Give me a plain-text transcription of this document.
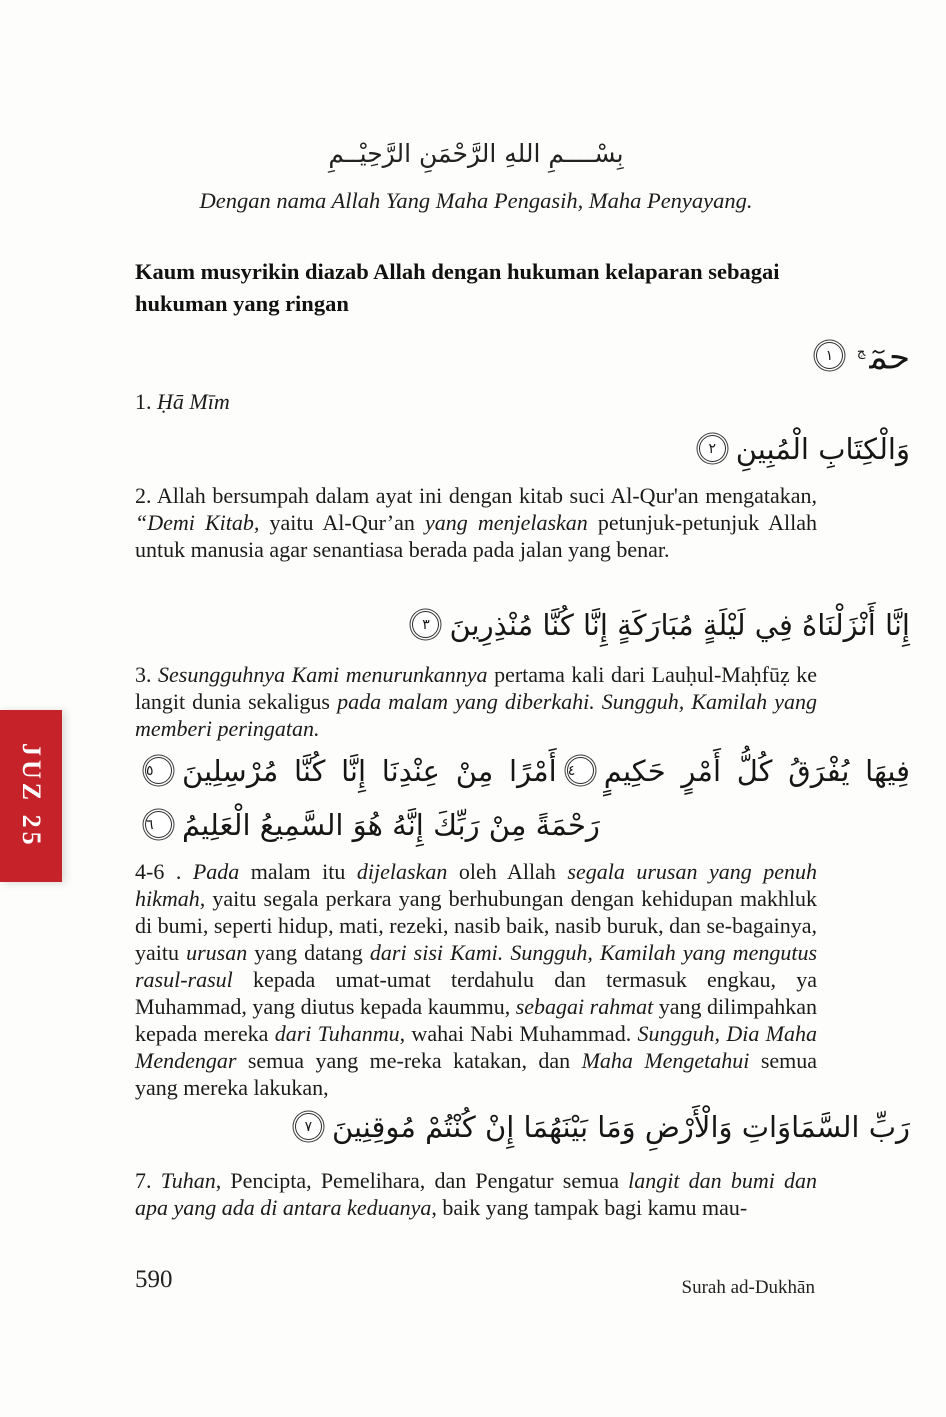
JUZ 25
بِسْــــمِ اللهِ الرَّحْمَنِ الرَّحِيْــمِ
Dengan nama Allah Yang Maha Pengasih, Maha Penyayang.
Kaum musyrikin diazab Allah dengan hukuman kelaparan sebagai hukuman yang ringan
حمٓ$^ج$١

1. Ḥā Mīm

وَالْكِتَابِ الْمُبِينِ٢

2. Allah bersumpah dalam ayat ini dengan kitab suci Al-Qur'an mengatakan, “Demi Kitab, yaitu Al-Qur’an yang menjelaskan petunjuk-petunjuk Allah untuk manusia agar senantiasa berada pada jalan yang benar.

إِنَّا أَنْزَلْنَاهُ فِي لَيْلَةٍ مُبَارَكَةٍ إِنَّا كُنَّا مُنْذِرِينَ٣

3. Sesungguhnya Kami menurunkannya pertama kali dari Lauḥul-Maḥfūẓ ke langit dunia sekaligus pada malam yang diberkahi. Sungguh, Kamilah yang memberi peringatan.

فِيهَا يُفْرَقُ كُلُّ أَمْرٍ حَكِيمٍ٤أَمْرًا مِنْ عِنْدِنَا إِنَّا كُنَّا مُرْسِلِينَ٥رَحْمَةً مِنْ رَبِّكَ إِنَّهُ هُوَ السَّمِيعُ الْعَلِيمُ٦

4-6 . Pada malam itu dijelaskan oleh Allah segala urusan yang penuh hikmah, yaitu segala perkara yang berhubungan dengan kehidupan makhluk di bumi, seperti hidup, mati, rezeki, nasib baik, nasib buruk, dan se-bagainya, yaitu urusan yang datang dari sisi Kami. Sungguh, Kamilah yang mengutus rasul-rasul kepada umat-umat terdahulu dan termasuk engkau, ya Muhammad, yang diutus kepada kaummu, sebagai rahmat yang dilimpahkan kepada mereka dari Tuhanmu, wahai Nabi Muhammad. Sungguh, Dia Maha Mendengar semua yang me-reka katakan, dan Maha Mengetahui semua yang mereka lakukan,

رَبِّ السَّمَاوَاتِ وَالْأَرْضِ وَمَا بَيْنَهُمَا إِنْ كُنْتُمْ مُوقِنِينَ٧

7. Tuhan, Pencipta, Pemelihara, dan Pengatur semua langit dan bumi dan apa yang ada di antara keduanya, baik yang tampak bagi kamu mau-

590	Surah ad-Dukhān
